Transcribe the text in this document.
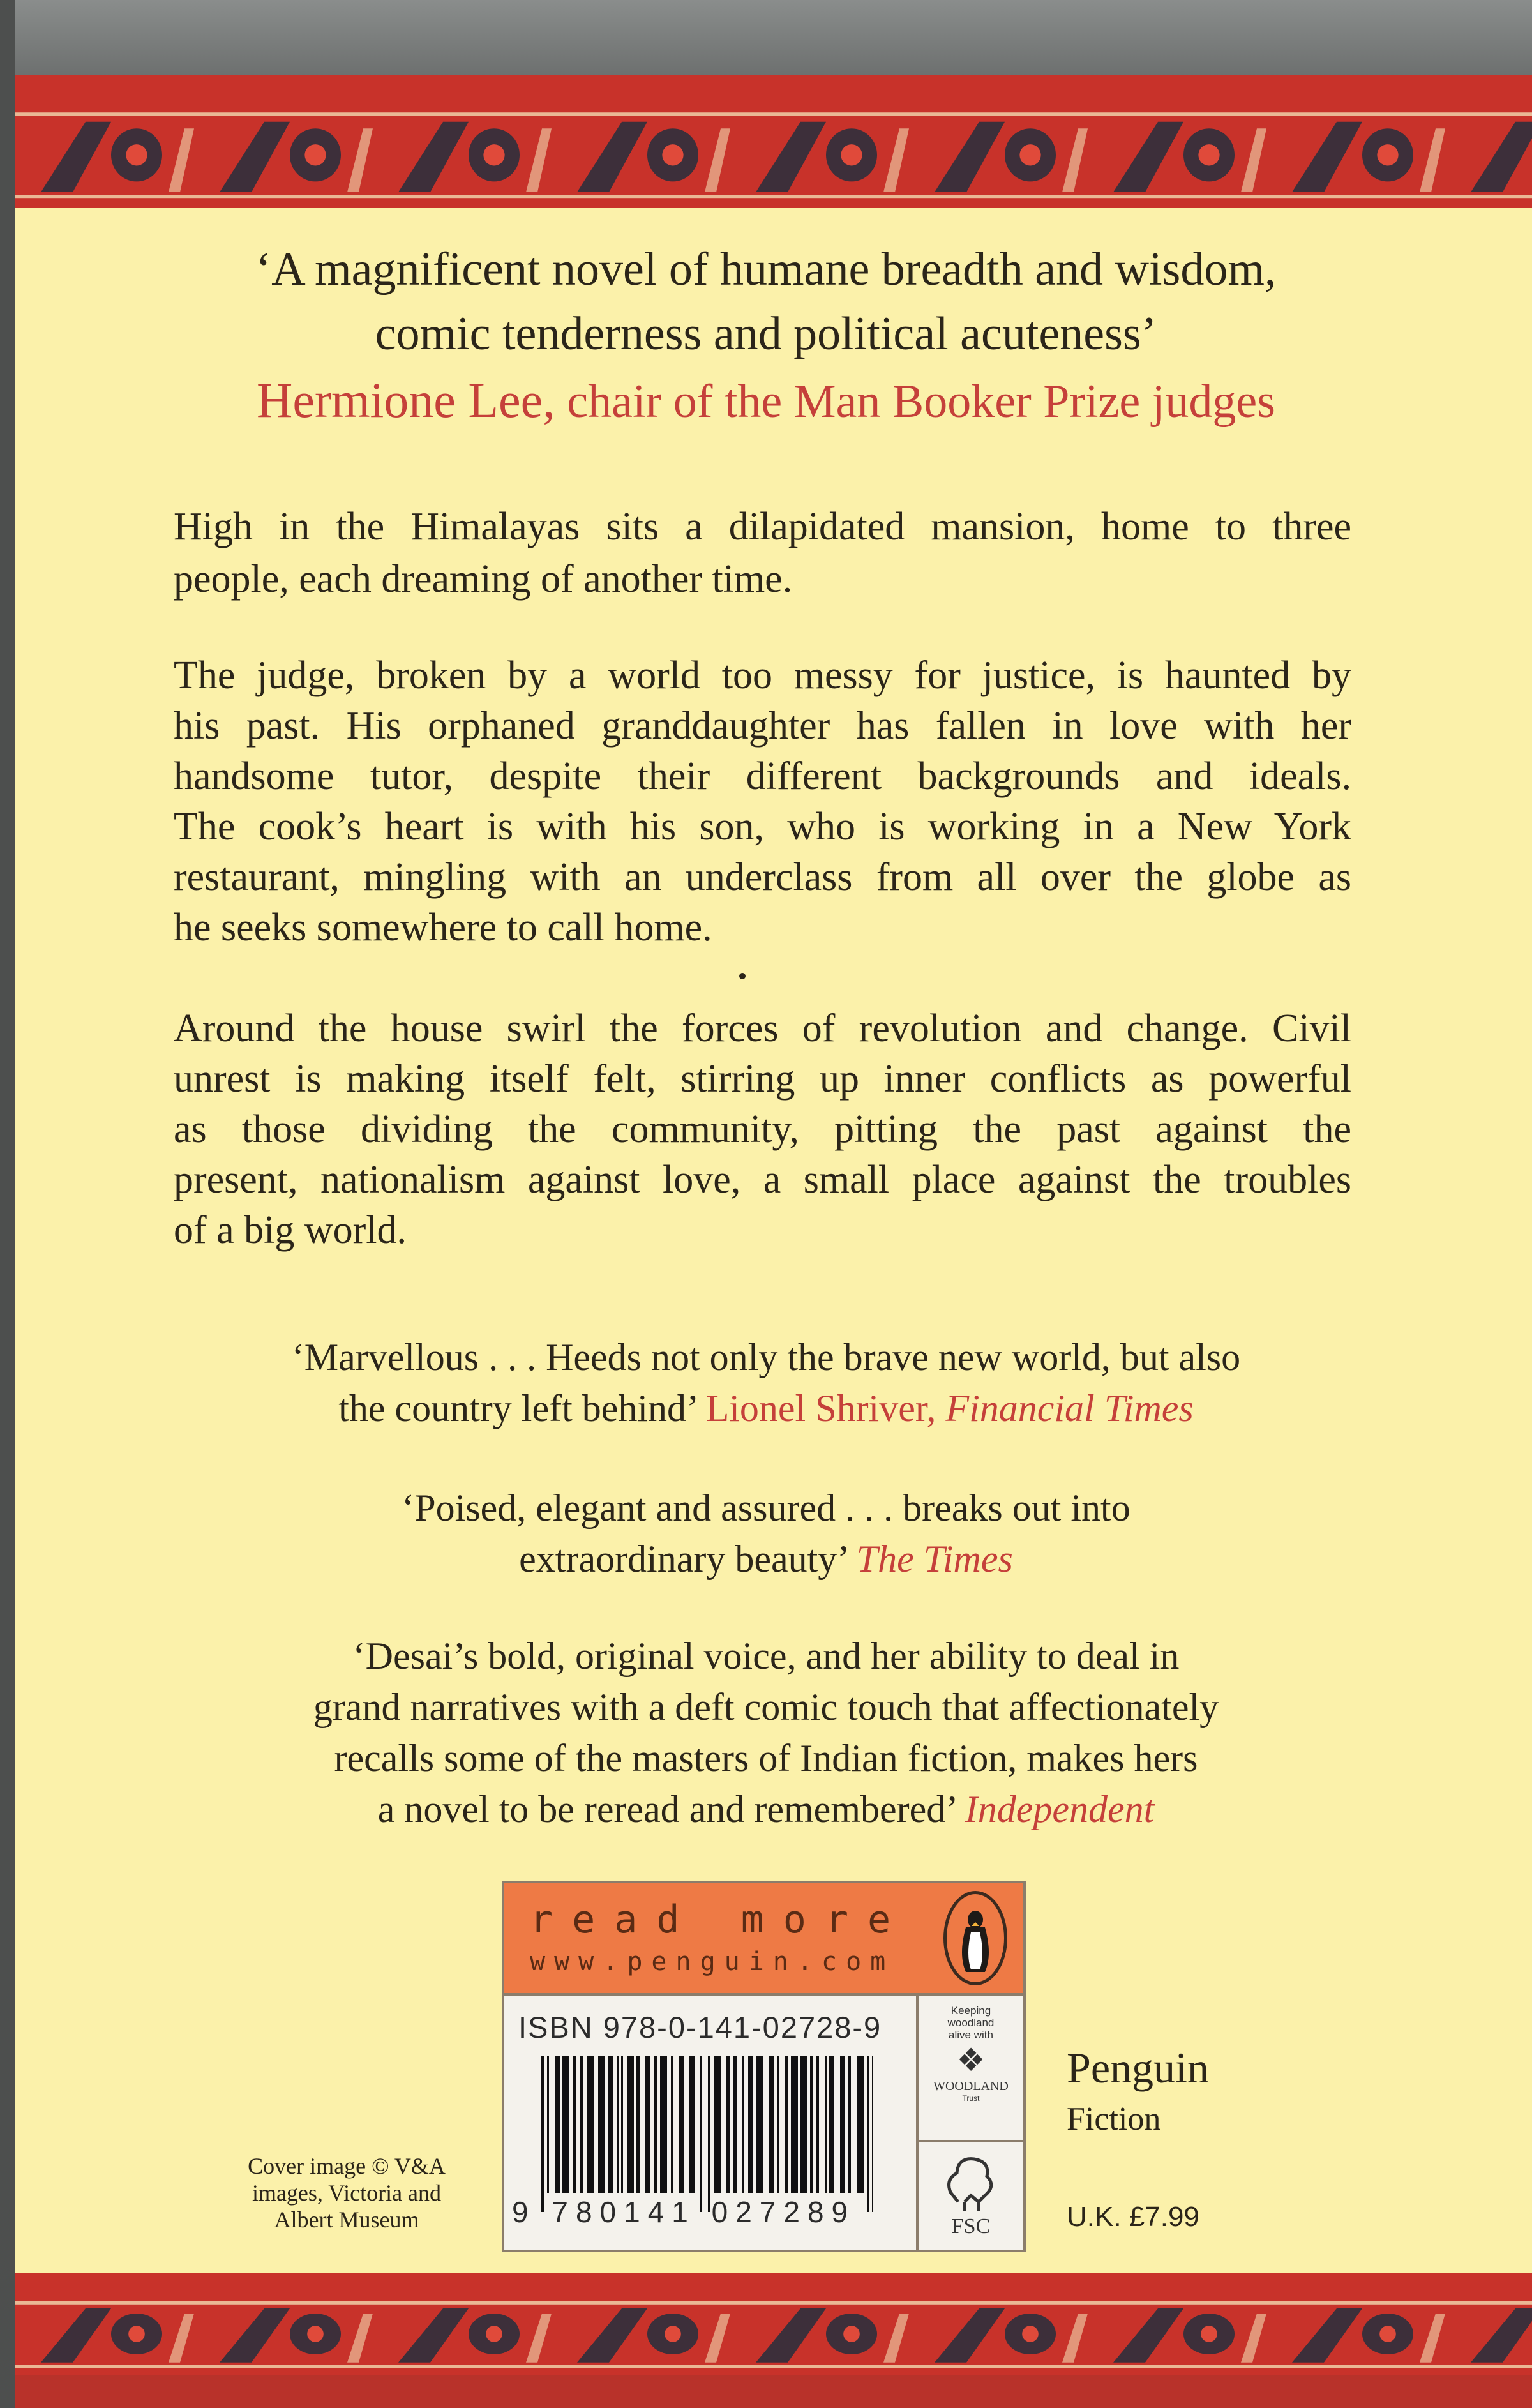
‘A magnificent novel of humane breadth and wisdom,
comic tenderness and political acuteness’
Hermione Lee, chair of the Man Booker Prize judges
High in the Himalayas sits a dilapidated mansion, home to three
people, each dreaming of another time.
The judge, broken by a world too messy for justice, is haunted by
his past. His orphaned granddaughter has fallen in love with her
handsome tutor, despite their different backgrounds and ideals.
The cook’s heart is with his son, who is working in a New York
restaurant, mingling with an underclass from all over the globe as
he seeks somewhere to call home.
Around the house swirl the forces of revolution and change. Civil
unrest is making itself felt, stirring up inner conflicts as powerful
as those dividing the community, pitting the past against the
present, nationalism against love, a small place against the troubles
of a big world.
‘Marvellous . . . Heeds not only the brave new world, but also
the country left behind’ Lionel Shriver, Financial Times
‘Poised, elegant and assured . . . breaks out into
extraordinary beauty’ The Times
‘Desai’s bold, original voice, and her ability to deal in
grand narratives with a deft comic touch that affectionately
recalls some of the masters of Indian fiction, makes hers
a novel to be reread and remembered’ Independent
read more
www.penguin.com
ISBN 978-0-141-02728-9
9 780141 027289
Keeping
woodland
alive with
❖
WOODLAND
Trust
FSC
Penguin
Fiction
U.K. £7.99
Cover image © V&A
images, Victoria and
Albert Museum
